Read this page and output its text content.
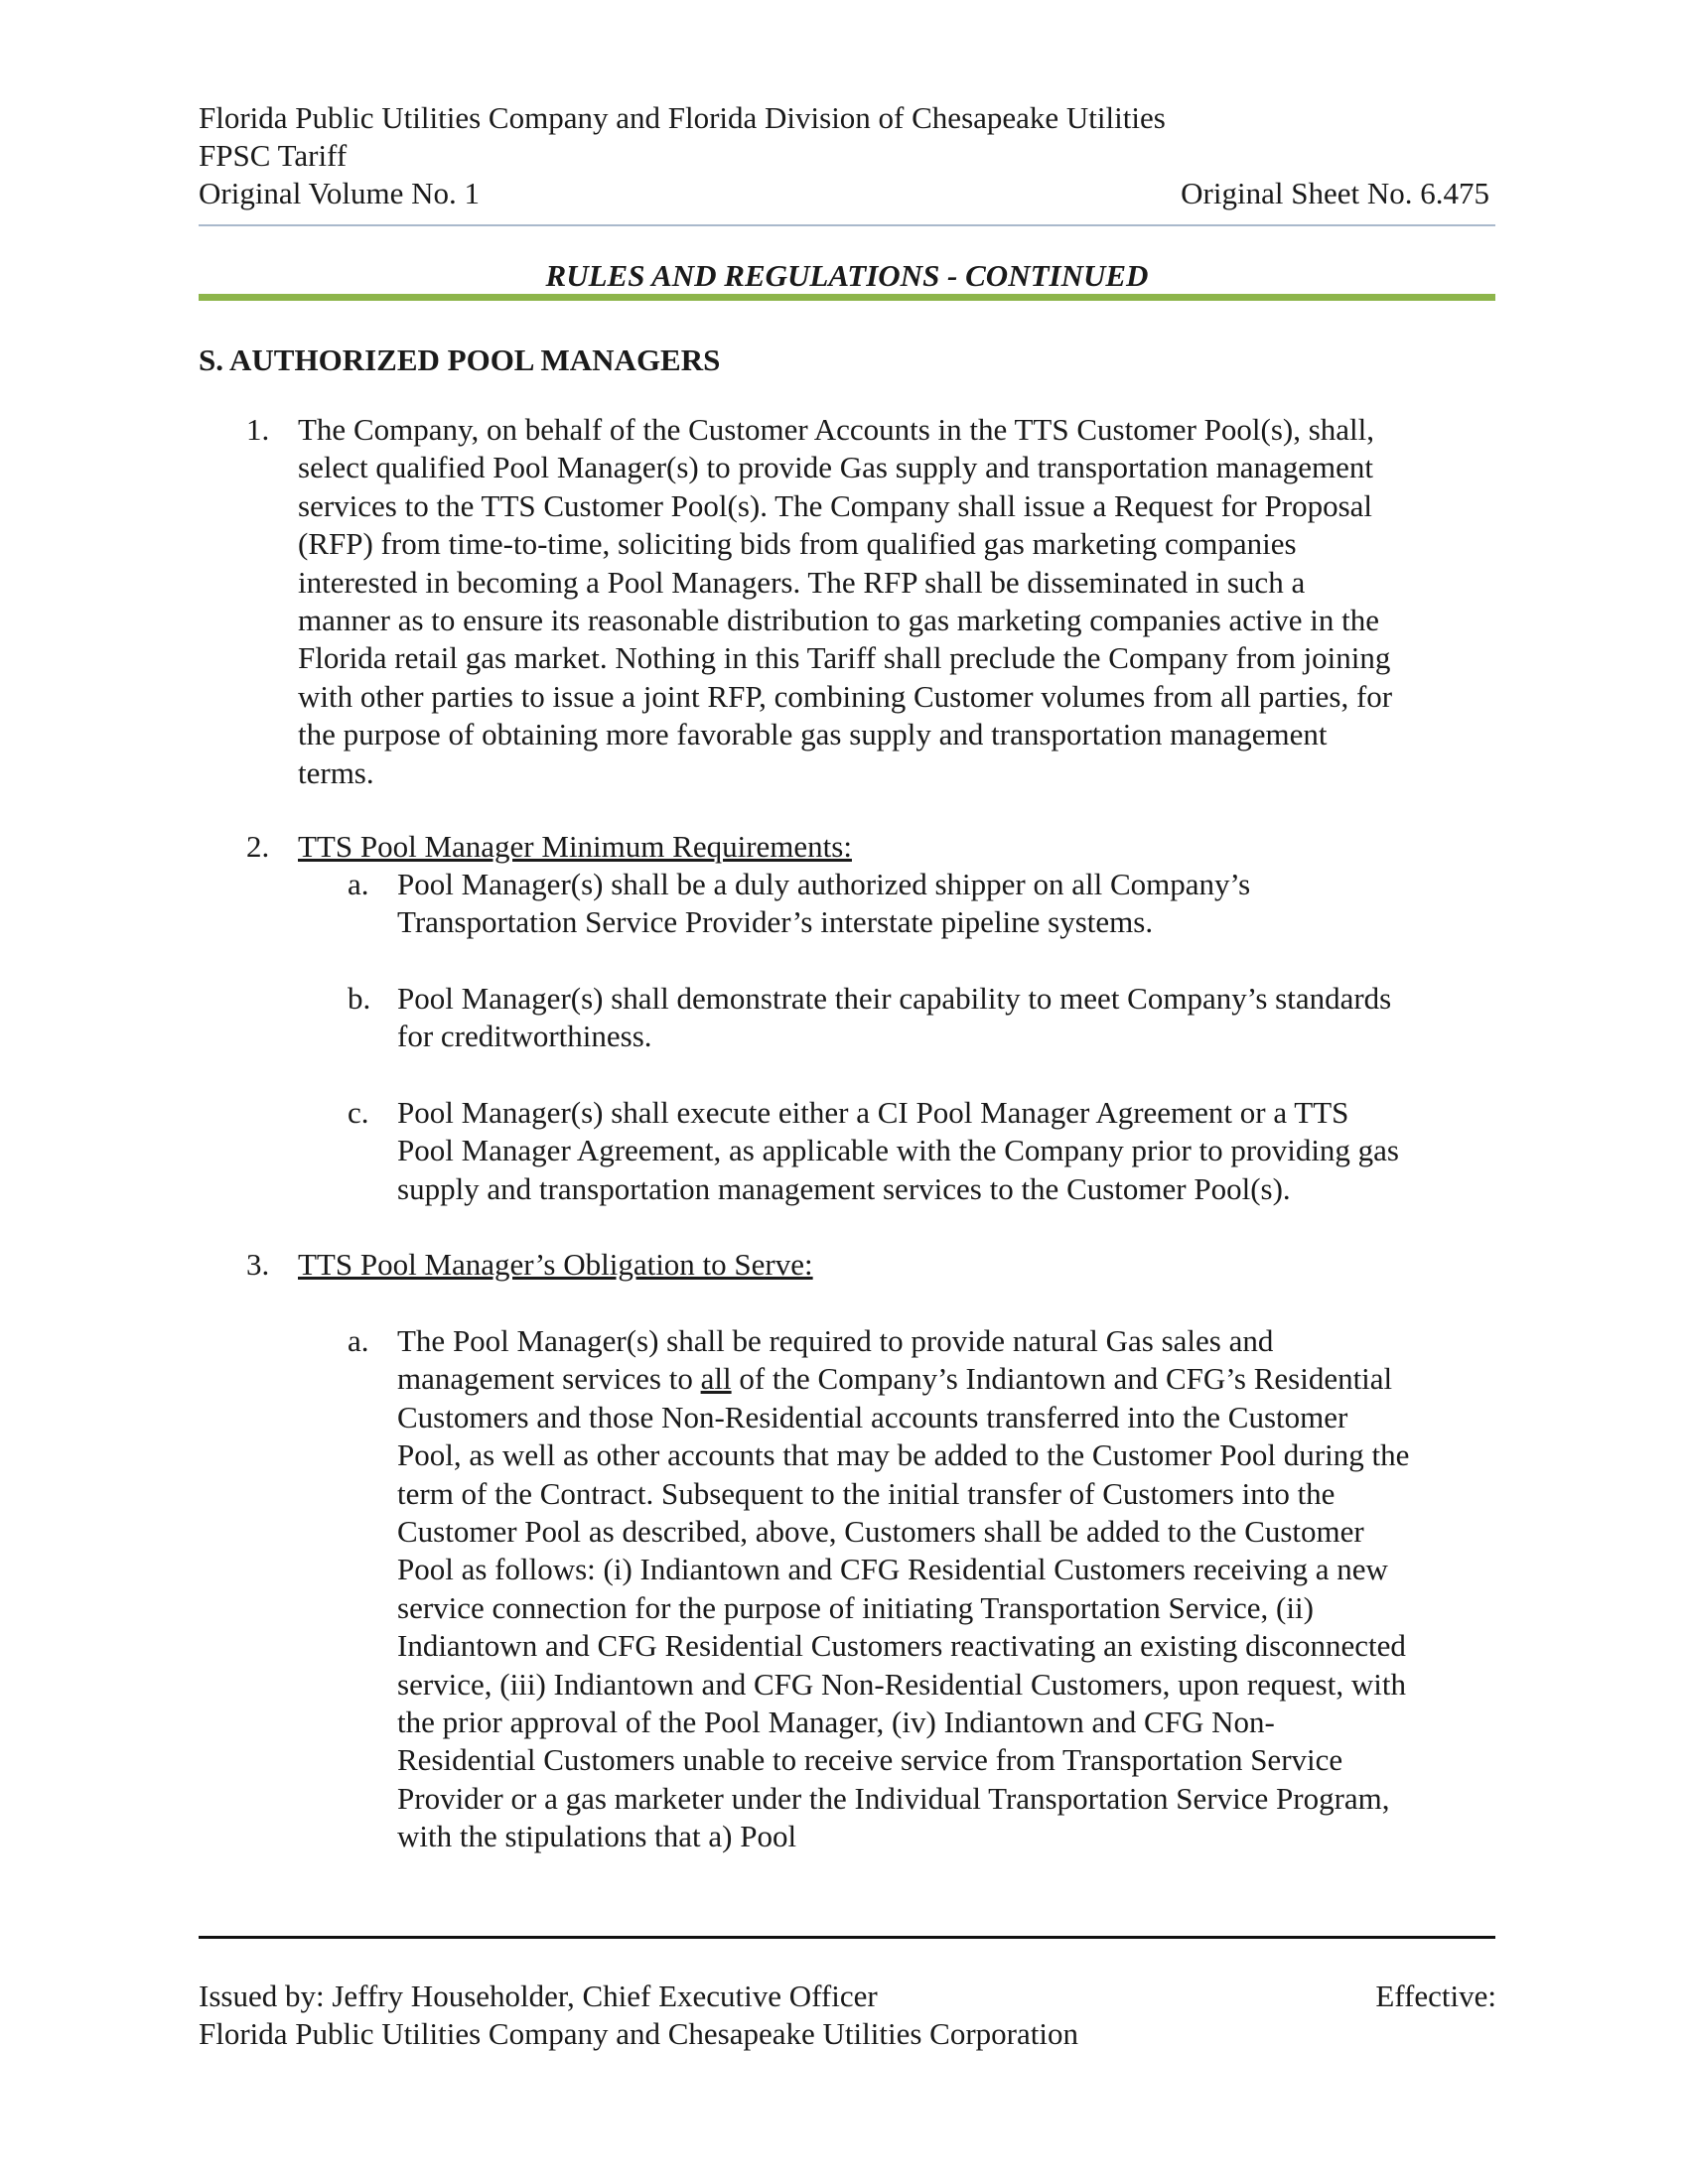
Florida Public Utilities Company and Florida Division of Chesapeake Utilities
FPSC Tariff
Original Volume No. 1	Original Sheet No. 6.475
RULES AND REGULATIONS - CONTINUED
S. AUTHORIZED POOL MANAGERS
1. The Company, on behalf of the Customer Accounts in the TTS Customer Pool(s), shall,
select qualified Pool Manager(s) to provide Gas supply and transportation management
services to the TTS Customer Pool(s). The Company shall issue a Request for Proposal
(RFP) from time-to-time, soliciting bids from qualified gas marketing companies
interested in becoming a Pool Managers. The RFP shall be disseminated in such a
manner as to ensure its reasonable distribution to gas marketing companies active in the
Florida retail gas market. Nothing in this Tariff shall preclude the Company from joining
with other parties to issue a joint RFP, combining Customer volumes from all parties, for
the purpose of obtaining more favorable gas supply and transportation management
terms.
2. TTS Pool Manager Minimum Requirements:
a. Pool Manager(s) shall be a duly authorized shipper on all Company’s
Transportation Service Provider’s interstate pipeline systems.
b. Pool Manager(s) shall demonstrate their capability to meet Company’s standards
for creditworthiness.
c. Pool Manager(s) shall execute either a CI Pool Manager Agreement or a TTS
Pool Manager Agreement, as applicable with the Company prior to providing gas
supply and transportation management services to the Customer Pool(s).
3. TTS Pool Manager’s Obligation to Serve:
a. The Pool Manager(s) shall be required to provide natural Gas sales and
management services to all of the Company’s Indiantown and CFG’s Residential
Customers and those Non-Residential accounts transferred into the Customer
Pool, as well as other accounts that may be added to the Customer Pool during the
term of the Contract. Subsequent to the initial transfer of Customers into the
Customer Pool as described, above, Customers shall be added to the Customer
Pool as follows: (i) Indiantown and CFG Residential Customers receiving a new
service connection for the purpose of initiating Transportation Service, (ii)
Indiantown and CFG Residential Customers reactivating an existing disconnected
service, (iii) Indiantown and CFG Non-Residential Customers, upon request, with
the prior approval of the Pool Manager, (iv) Indiantown and CFG Non-
Residential Customers unable to receive service from Transportation Service
Provider or a gas marketer under the Individual Transportation Service Program,
with the stipulations that a) Pool
Issued by: Jeffry Householder, Chief Executive Officer	Effective:
Florida Public Utilities Company and Chesapeake Utilities Corporation
